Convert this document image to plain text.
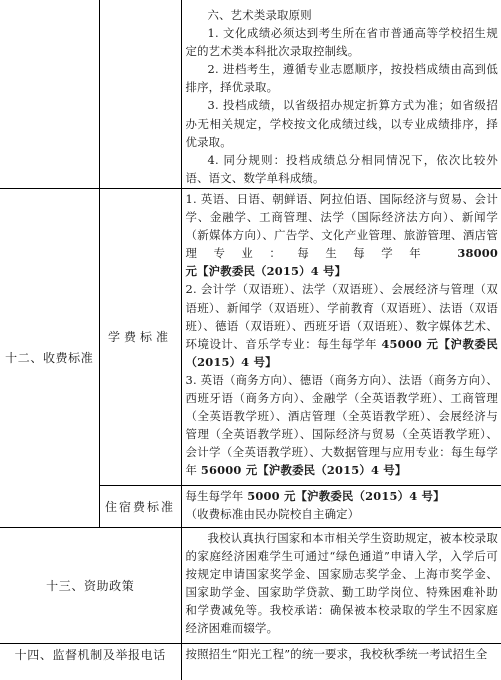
		六、艺术类录取原则

1. 文化成绩必须达到考生所在省市普通高等学校招生规定的艺术类本科批次录取控制线。

2. 进档考生，遵循专业志愿顺序，按投档成绩由高到低排序，择优录取。

3. 投档成绩，以省级招办规定折算方式为准；如省级招办无相关规定，学校按文化成绩过线，以专业成绩排序，择优录取。

4. 同分规则：投档成绩总分相同情况下，依次比较外语、语文、数学单科成绩。

十二、收费标准	学费标准	1. 英语、日语、朝鲜语、阿拉伯语、国际经济与贸易、会计学、金融学、工商管理、法学（国际经济法方向）、新闻学（新媒体方向）、广告学、文化产业管理、旅游管理、酒店管理专业：每生每学年 38000 元【沪教委民（2015）4 号】

2. 会计学（双语班）、法学（双语班）、会展经济与管理（双语班）、新闻学（双语班）、学前教育（双语班）、法语（双语班）、德语（双语班）、西班牙语（双语班）、数字媒体艺术、环境设计、音乐学专业：每生每学年 45000 元【沪教委民（2015）4 号】

3. 英语（商务方向）、德语（商务方向）、法语（商务方向）、西班牙语（商务方向）、金融学（全英语教学班）、工商管理（全英语教学班）、酒店管理（全英语教学班）、会展经济与管理（全英语教学班）、国际经济与贸易（全英语教学班）、会计学（全英语教学班）、大数据管理与应用专业：每生每学年 56000 元【沪教委民（2015）4 号】

	住宿费标准	每生每学年 5000 元【沪教委民（2015）4 号】

（收费标准由民办院校自主确定）

十三、资助政策		我校认真执行国家和本市相关学生资助规定，被本校录取的家庭经济困难学生可通过“绿色通道”申请入学，入学后可按规定申请国家奖学金、国家励志奖学金、上海市奖学金、国家助学金、国家助学贷款、勤工助学岗位、特殊困难补助和学费减免等。我校承诺：确保被本校录取的学生不因家庭经济困难而辍学。

十四、监督机制及举报电话		按照招生“阳光工程”的统一要求，我校秋季统一考试招生全
